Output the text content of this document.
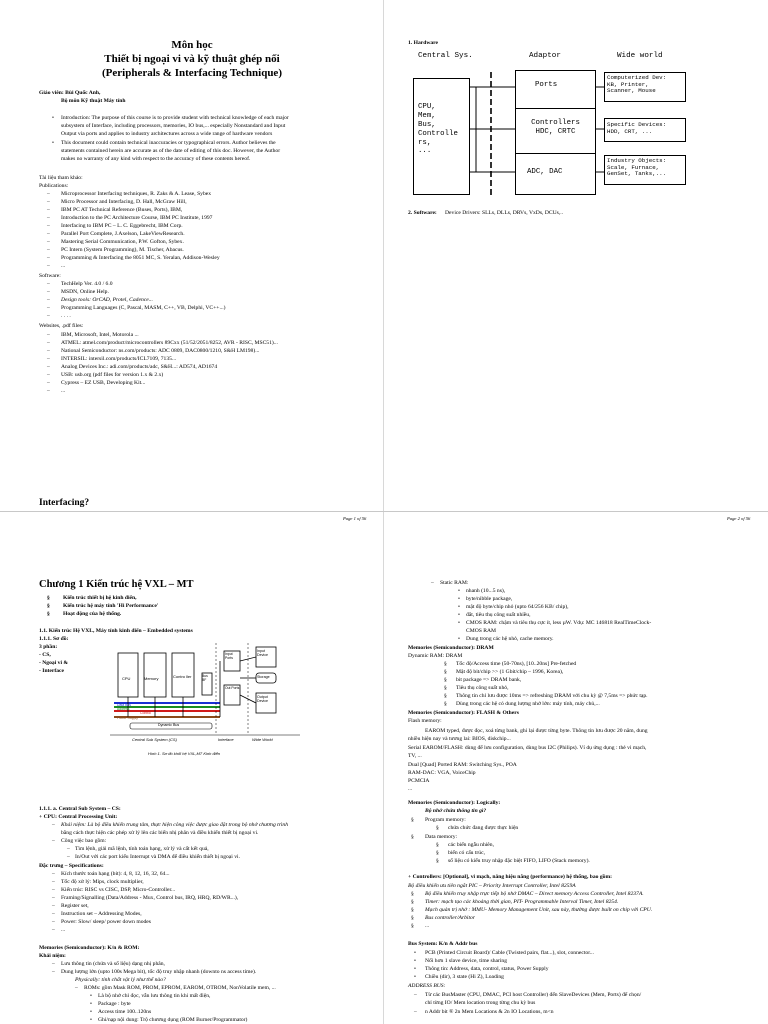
Môn học
Thiết bị ngoại vi và kỹ thuật ghép nối
(Peripherals & Interfacing Technique)
Giáo viên: Bùi Quốc Anh,
Bộ môn Kỹ thuật Máy tính
• Introduction: The purpose of this course is to provide student with technical knowledge of each major
subsystem of Interface, including processors, memories, IO bus,... especially Nonstandard and Input
Output via ports and applies to industry architectures across a wide range of hardware vendors
• This document could contain technical inaccuracies or typographical errors. Author believes the
statements contained herein are accurate as of the date of editing of this doc. However, the Author
makes no warranty of any kind with respect to the accuracy of these contents hereof.
Tài liệu tham khảo:
Publications:
– Microprocessor Interfacing techniques, R. Zaks & A. Lease, Sybex
– Micro Processor and Interfacing, D. Hall, McGraw Hill,
– IBM PC AT Technical Reference (Buses, Ports), IBM,
– Introduction to the PC Architecture Course, IBM PC Institute, 1997
– Interfacing to IBM PC – L. C. Eggebrecht, IBM Corp.
– Parallel Port Complete, J.Axelson, LakeViewResearch.
– Mastering Serial Communication, P.W. Gofton, Sybex.
– PC Intern (System Programming), M. Tischer, Abacus.
– Programming & Interfacing the 8051 MC, S. Yeralan, Addison-Wesley
– ...
Software:
– TechHelp Ver. 4.0 / 6.0
– MSDN, Online Help.
– Design tools: OrCAD, Protel, Cadence...
– Programming Languages (C, Pascal, MASM, C++, VB, Delphi, VC++...)
– . . . .
Websites, .pdf files:
– IBM, Microsoft, Intel, Motorola ...
– ATMEL: atmel.com/product/microcontrollers 89Cxx (51/52/2051/8252, AVR - RISC, MSC51)...
– National Semiconductor: ns.com/products: ADC 0809, DAC0800/1210, S&H LM198)...
– INTERSIL: intersil.com/products/ICL7109, 7135...
– Analog Devices Inc.: adi.com/products/adc, S&H...: AD574, AD1674
– USB: usb.org (pdf files for version 1.x & 2.x)
– Cypress – EZ USB, Developing Kit...
– ...
Interfacing?
Page 1 of 56
1. Hardware
Central Sys.	Adaptor	Wide world
CPU,
Mem,
Bus,
Controlle
rs,
...
Ports
Controllers
HDC, CRTC
ADC, DAC
Computerized Dev:
KB, Printer,
Scanner, Mouse
Specific Devices:
HDD, CRT, ...
Industry Objects:
Scale, Furnace,
GenSet, Tanks,...
2. Software: Device Drivers: SLLs, DLLs, DRVs, VxDs, DCUs,..
Page 2 of 56
Chương 1 Kiến trúc hệ VXL – MT
§ Kiến trúc thiết bị hệ kinh điển,
§ Kiến trúc hệ máy tính 'Hi Performance'
§ Hoạt động của hệ thống.
1.1. Kiến trúc Hệ VXL, Máy tính kinh điển – Embedded systems
1.1.1. Sơ đồ:
3 phần:
- CS,
- Ngoại vi &
- Interface
CPU	Memory	Contro ller	Bus BF
Input Ports
Out Ports
Input Device
Storage
Output Device
Data Bus
Address
Control
Power Supply
Dynamic Bus
Central Sub System (CS)	Interface	Wide World
Hình 1. Sơ đồ khối hệ VXL,MT Kinh điển
1.1.1. a. Central Sub System – CS:
+ CPU: Central Processing Unit:
– Khái niệm: Là bộ điều khiển trung tâm, thực hiện công việc được giao đặt trong bộ nhớ chương trình
bằng cách thực hiện các phép xử lý lên các biến nhị phân và điều khiển thiết bị ngoại vi.
– Công việc bao gồm:
– Tìm lệnh, giải mã lệnh, tính toán hạng, xử lý và cất kết quả,
– In/Out với các port kiểu Interrupt và DMA để điều khiển thiết bị ngoại vi.
Đặc trưng – Specifications:
– Kích thước toán hạng (bit): 4, 8, 12, 16, 32, 64...
– Tốc độ xử lý: Mips, clock multiplier,
– Kiến trúc: RISC vs CISC, DSP, Micro-Controller...
– Framing/Signalling (Data/Address - Mux, Control bus, IRQ, HRQ, RD/WR...),
– Register set,
– Instruction set – Addressing Modes,
– Power: Slow/ sleep/ power down modes
– ...
Memories (Semiconductor): K/n & ROM:
Khái niệm:
– Lưu thông tin (chứa và số liệu) dạng nhị phân,
– Dung lượng lớn (upto 100s Mega bit), tốc độ truy nhập nhanh (downto ns access time).
Physically: tính chất vật lý như thế nào?
– ROMs: gồm Mask ROM, PROM, EPROM, EAROM, OTROM, NonVolatile mem, ...
• Là bộ nhớ chỉ đọc, vẫn lưu thông tin khi mất điện,
• Package : byte
• Access time 100..120ns
• Ghi/nạp nội dung: Trộ chương dụng (ROM Burner/Programmator)
– Static RAM:
• nhanh (10...5 ns),
• byte/nibble package,
• mật độ byte/chip nhỏ (upto 64/256 KB/ chip),
• đắt, tiêu thụ công suất nhiều,
• CMOS RAM: chậm và tiêu thụ cực ít, less µW. Vdụ: MC 146818 RealTimeClock-
CMOS RAM
• Dung trong các hệ nhỏ, cache memory.
Memories (Semiconductor): DRAM
Dynamic RAM: DRAM
§ Tốc độ/Access time (50-70ns), [10..20ns] Pre-fetched
§ Mật độ bit/chip >> (1 Gbit/chip – 1996, Korea),
§ bit package => DRAM bank,
§ Tiêu thụ công suất nhỏ,
§ Thông tin chỉ lưu được 10ms => refreshing DRAM với chu kỳ @ 7,5ms => phức tạp.
§ Dùng trong các hệ có dung lượng nhớ lớn: máy tính, máy chủ,...
Memories (Semiconductor): FLASH & Others
Flash memory:
EAROM typed, được đọc, xoá từng bank, ghi lại được từng byte. Thông tin lưu được 20 năm, dung
nhiều hiện nay và tương lai: BIOS, diskchip...
Serial EAROM/FLASH: dùng để lưu configuration, dùng bus I2C (Philips). Ví dụ ứng dụng : thẻ vi mạch,
TV, ...
Dual [Quad] Ported RAM: Switching Sys., POA
RAM-DAC: VGA, VoiceChip
PCMCIA
...
Memories (Semiconductor): Logically:
Bộ nhớ chứa thông tin gì?
§ Program memory:
§ chứa chức đang được thực hiện
§ Data memory:
§ các biến ngẫu nhiên,
§ biến có cấu trúc,
§ số liệu có kiểu truy nhập đặc biệt FIFO, LIFO (Stack memory).
+ Controllers: [Optional], vi mạch, nâng hiệu năng (performance) hệ thống, bao gồm:
Bộ điều khiển ưu tiên ngắt PIC – Priority Interrupt Controller, Intel 8259A
§ Bộ điều khiển truy nhập trực tiếp bộ nhớ DMAC – Direct memory Access Controller, Intel 8237A.
§ Timer: mạch tạo các khoảng thời gian, PIT- Programmable Interval Timer, Intel 8254.
§ Mạch quản trị nhớ : MMU- Memory Management Unit, sau này, thường được built on chip với CPU.
§ Bus controller/Arbitor
§ ...
Bus System: K/n & Addr bus
• PCB (Printed Circuit Board)/ Cable (Twisted pairs, flat...), slot, connector...
• Nối hơn 1 slave device, time sharing
• Thông tin: Address, data, control, status, Power Supply
• Chiều (dir), 3 state (Hi Z), Loading
ADDRESS BUS:
– Từ các BusMaster (CPU, DMAC, PCI host Controller) đến SlaveDevices (Mem, Ports) để chọn/
chỉ từng IO/ Mem location trong từng chu kỳ bus
– n Addr bit ® 2n Mem Locations & 2n IO Locations, m<n
